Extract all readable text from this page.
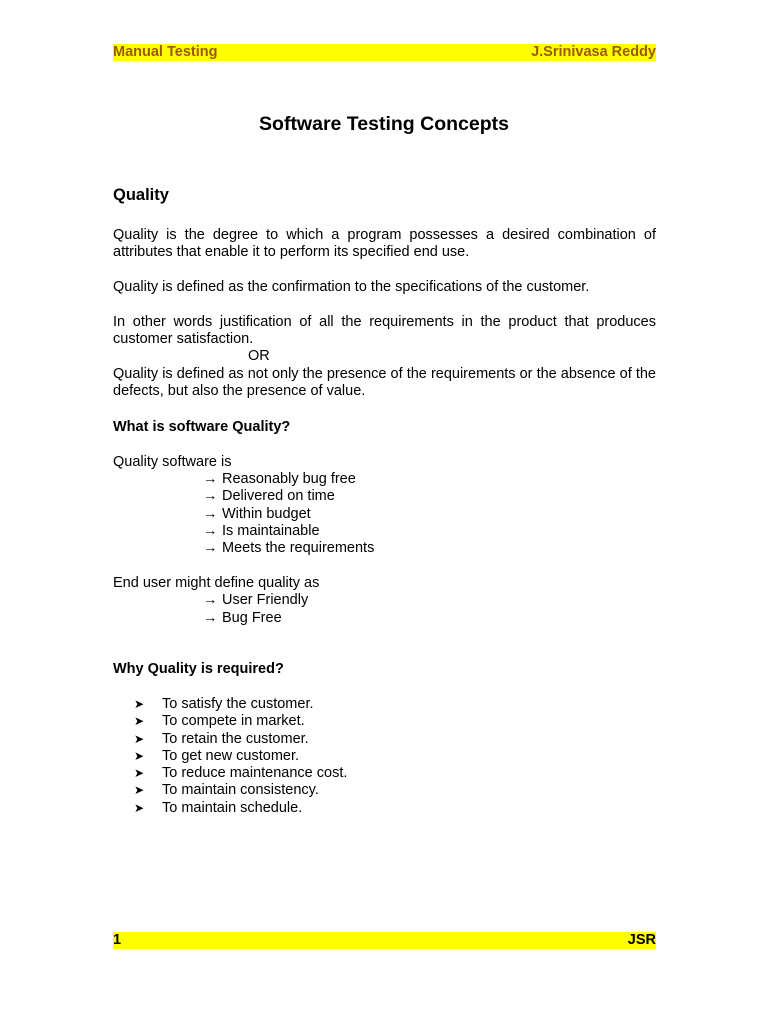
Manual Testing	J.Srinivasa Reddy
Software Testing Concepts
Quality

Quality is the degree to which a program possesses a desired combination of attributes that enable it to perform its specified end use.

Quality is defined as the confirmation to the specifications of the customer.

In other words justification of all the requirements in the product that produces customer satisfaction.

OR

Quality is defined as not only the presence of the requirements or the absence of the defects, but also the presence of value.

What is software Quality?
Quality software is
→ Reasonably bug free
→ Delivered on time
→ Within budget
→ Is maintainable
→ Meets the requirements
End user might define quality as
→ User Friendly
→ Bug Free
Why Quality is required?
➤ To satisfy the customer.
➤ To compete in market.
➤ To retain the customer.
➤ To get new customer.
➤ To reduce maintenance cost.
➤ To maintain consistency.
➤ To maintain schedule.
1	JSR
